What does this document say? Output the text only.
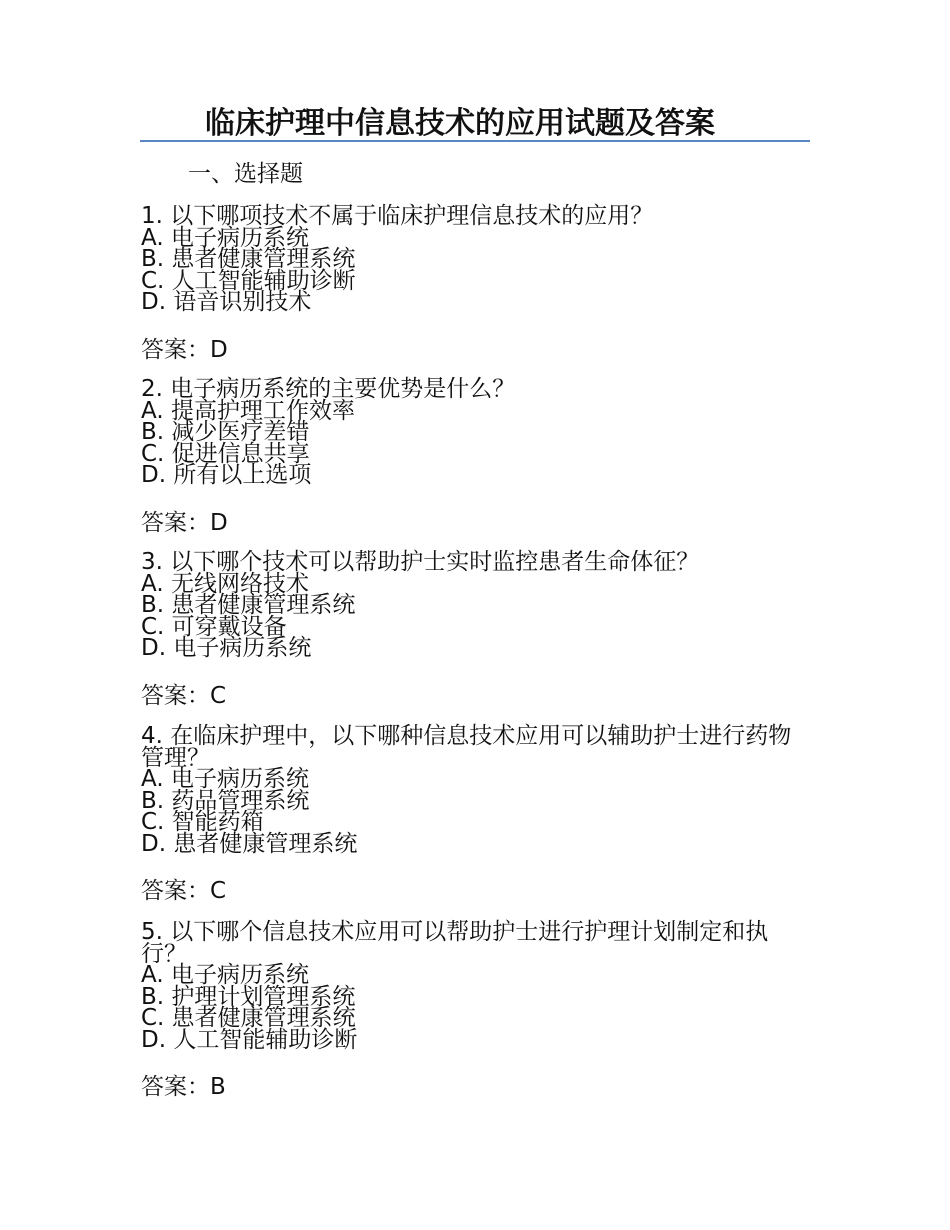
临床护理中信息技术的应用试题及答案
一、选择题
1. 以下哪项技术不属于临床护理信息技术的应用？
A. 电子病历系统
B. 患者健康管理系统
C. 人工智能辅助诊断
D. 语音识别技术
答案：D
2. 电子病历系统的主要优势是什么？
A. 提高护理工作效率
B. 减少医疗差错
C. 促进信息共享
D. 所有以上选项
答案：D
3. 以下哪个技术可以帮助护士实时监控患者生命体征？
A. 无线网络技术
B. 患者健康管理系统
C. 可穿戴设备
D. 电子病历系统
答案：C
4. 在临床护理中，以下哪种信息技术应用可以辅助护士进行药物管理？
A. 电子病历系统
B. 药品管理系统
C. 智能药箱
D. 患者健康管理系统
答案：C
5. 以下哪个信息技术应用可以帮助护士进行护理计划制定和执行？
A. 电子病历系统
B. 护理计划管理系统
C. 患者健康管理系统
D. 人工智能辅助诊断
答案：B
